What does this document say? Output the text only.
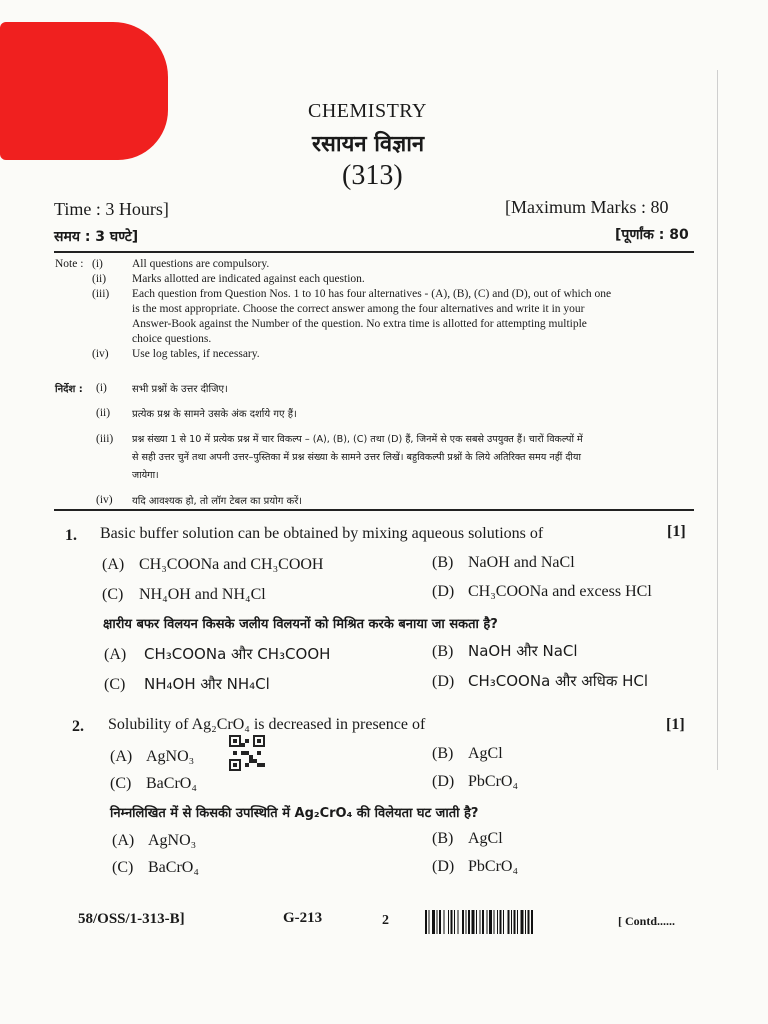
CHEMISTRY
रसायन विज्ञान
(313)
Time : 3 Hours]	[Maximum Marks : 80
समय : 3 घण्टे]	[पूर्णांक : 80
Note : (i)	All questions are compulsory.
(ii) Marks allotted are indicated against each question.
(iii) Each question from Question Nos. 1 to 10 has four alternatives - (A), (B), (C) and (D), out of which one
is the most appropriate. Choose the correct answer among the four alternatives and write it in your
Answer-Book against the Number of the question. No extra time is allotted for attempting multiple
choice questions.
(iv) Use log tables, if necessary.
निर्देश : (i)	सभी प्रश्नों के उत्तर दीजिए।
(ii) प्रत्येक प्रश्न के सामने उसके अंक दर्शाये गए हैं।
(iii) प्रश्न संख्या 1 से 10 में प्रत्येक प्रश्न में चार विकल्प – (A), (B), (C) तथा (D) हैं, जिनमें से एक सबसे उपयुक्त हैं। चारों विकल्पों में
से सही उत्तर चुनें तथा अपनी उत्तर–पुस्तिका में प्रश्न संख्या के सामने उत्तर लिखें। बहुविकल्पी प्रश्नों के लिये अतिरिक्त समय नहीं दीया
जायेगा।
(iv) यदि आवश्यक हो, तो लॉग टेबल का प्रयोग करें।
1. Basic buffer solution can be obtained by mixing aqueous solutions of	[1]
(A) CH₃COONa and CH₃COOH	(B) NaOH and NaCl
(C) NH₄OH and NH₄Cl	(D) CH₃COONa and excess HCl
क्षारीय बफर विलयन किसके जलीय विलयनों को मिश्रित करके बनाया जा सकता है?
(A) CH₃COONa और CH₃COOH	(B) NaOH और NaCl
(C) NH₄OH और NH₄Cl	(D) CH₃COONa और अधिक HCl
2. Solubility of Ag₂CrO₄ is decreased in presence of	[1]
(A) AgNO₃	(B) AgCl
(C) BaCrO₄	(D) PbCrO₄
निम्नलिखित में से किसकी उपस्थिति में Ag₂CrO₄ की विलेयता घट जाती है?
(A) AgNO₃	(B) AgCl
(C) BaCrO₄	(D) PbCrO₄
58/OSS/1-313-B]	G-213	2	[ Contd......
